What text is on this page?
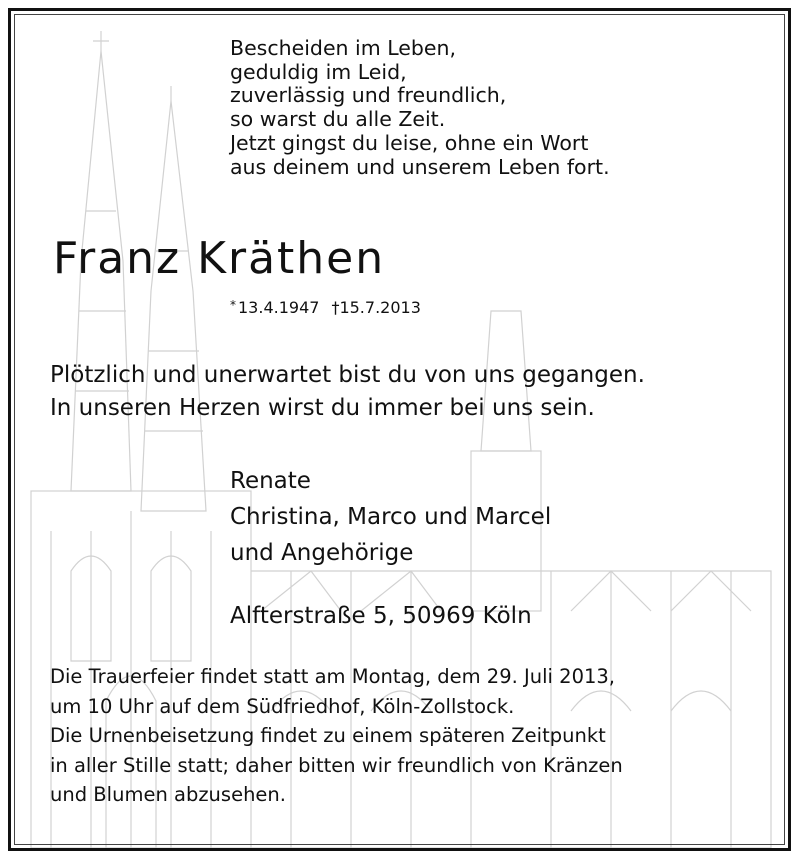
Bescheiden im Leben,
geduldig im Leid,
zuverlässig und freundlich,
so warst du alle Zeit.
Jetzt gingst du leise, ohne ein Wort
aus deinem und unserem Leben fort.
Franz Kräthen
* 13.4.1947 †15.7.2013
Plötzlich und unerwartet bist du von uns gegangen.
In unseren Herzen wirst du immer bei uns sein.
Renate
Christina, Marco und Marcel
und Angehörige
Alfterstraße 5, 50969 Köln
Die Trauerfeier findet statt am Montag, dem 29. Juli 2013,
um 10 Uhr auf dem Südfriedhof, Köln-Zollstock.
Die Urnenbeisetzung findet zu einem späteren Zeitpunkt
in aller Stille statt; daher bitten wir freundlich von Kränzen
und Blumen abzusehen.
